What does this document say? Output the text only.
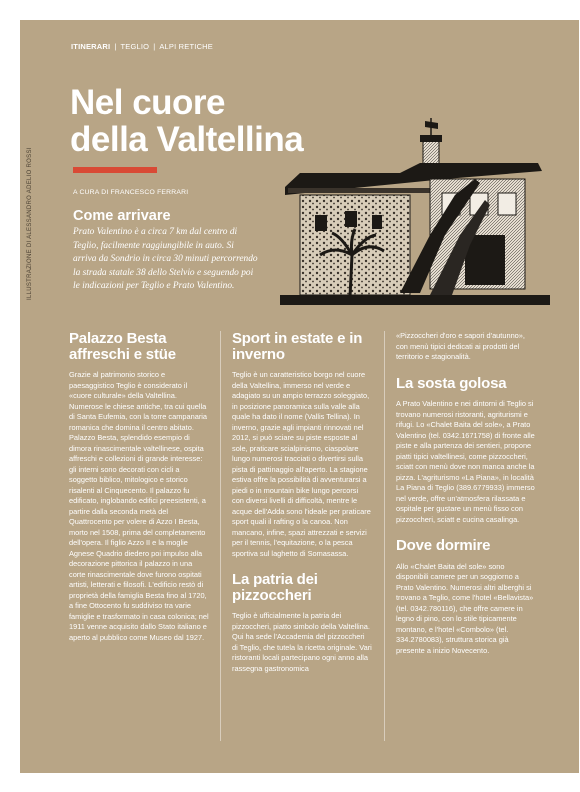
ILLUSTRAZIONE DI ALESSANDRO ADELIO ROSSI
ITINERARI | TEGLIO | ALPI RETICHE
Nel cuore
della Valtellina
A CURA DI FRANCESCO FERRARI
Come arrivare

Prato Valentino è a circa 7 km dal centro di Teglio, facilmente raggiungibile in auto. Si arriva da Sondrio in circa 30 minuti percorrendo la strada statale 38 dello Stelvio e seguendo poi le indicazioni per Teglio e Prato Valentino.

Palazzo Besta affreschi e stüe

Grazie al patrimonio storico e paesaggistico Teglio è considerato il «cuore culturale» della Valtellina. Numerose le chiese antiche, tra cui quella di Santa Eufemia, con la torre campanaria romanica che domina il centro abitato. Palazzo Besta, splendido esempio di dimora rinascimentale valtellinese, ospita affreschi e collezioni di grande interesse: gli interni sono decorati con cicli a soggetto biblico, mitologico e storico risalenti al Cinquecento. Il palazzo fu edificato, inglobando edifici preesistenti, a partire dalla seconda metà del Quattrocento per volere di Azzo I Besta, morto nel 1508, prima del completamento dell'opera. Il figlio Azzo II e la moglie Agnese Quadrio diedero poi impulso alla decorazione pittorica il palazzo in una corte rinascimentale dove furono ospitati artisti, letterati e filosofi. L'edificio restò di proprietà della famiglia Besta fino al 1720, a fine Ottocento fu suddiviso tra varie famiglie e trasformato in casa colonica; nel 1911 venne acquisito dallo Stato italiano e aperto al pubblico come Museo dal 1927.

Sport in estate e in inverno

Teglio è un caratteristico borgo nel cuore della Valtellina, immerso nel verde e adagiato su un ampio terrazzo soleggiato, in posizione panoramica sulla valle alla quale ha dato il nome (Vallis Tellina). In inverno, grazie agli impianti rinnovati nel 2012, si può sciare su piste esposte al sole, praticare scialpinismo, ciaspolare lungo numerosi tracciati o divertirsi sulla pista di pattinaggio all'aperto. La stagione estiva offre la possibilità di avventurarsi a piedi o in mountain bike lungo percorsi con diversi livelli di difficoltà, mentre le acque dell'Adda sono l'ideale per praticare sport quali il rafting o la canoa. Non mancano, infine, spazi attrezzati e servizi per il tennis, l'equitazione, o la pesca sportiva sul laghetto di Somasassa.

La patria dei pizzoccheri

Teglio è ufficialmente la patria dei pizzoccheri, piatto simbolo della Valtellina. Qui ha sede l'Accademia del pizzoccheri di Teglio, che tutela la ricetta originale. Vari ristoranti locali partecipano ogni anno alla rassegna gastronomica

«Pizzoccheri d'oro e sapori d'autunno», con menù tipici dedicati ai prodotti del territorio e stagionalità.

La sosta golosa

A Prato Valentino e nei dintorni di Teglio si trovano numerosi ristoranti, agriturismi e rifugi. Lo «Chalet Baita del sole», a Prato Valentino (tel. 0342.1671758) di fronte alle piste e alla partenza dei sentieri, propone piatti tipici valtellinesi, come pizzoccheri, sciatt con menù dove non manca anche la pizza. L'agriturismo «La Piana», in località La Piana di Teglio (389.6779933) immerso nel verde, offre un'atmosfera rilassata e ospitale per gustare un menù fisso con pizzoccheri, sciatt e cucina casalinga.

Dove dormire

Allo «Chalet Baita del sole» sono disponibili camere per un soggiorno a Prato Valentino. Numerosi altri alberghi si trovano a Teglio, come l'hotel «Bellavista» (tel. 0342.780116), che offre camere in legno di pino, con lo stile tipicamente montano, e l'hotel «Combolo» (tel. 334.2780083), struttura storica già presente a inizio Novecento.
